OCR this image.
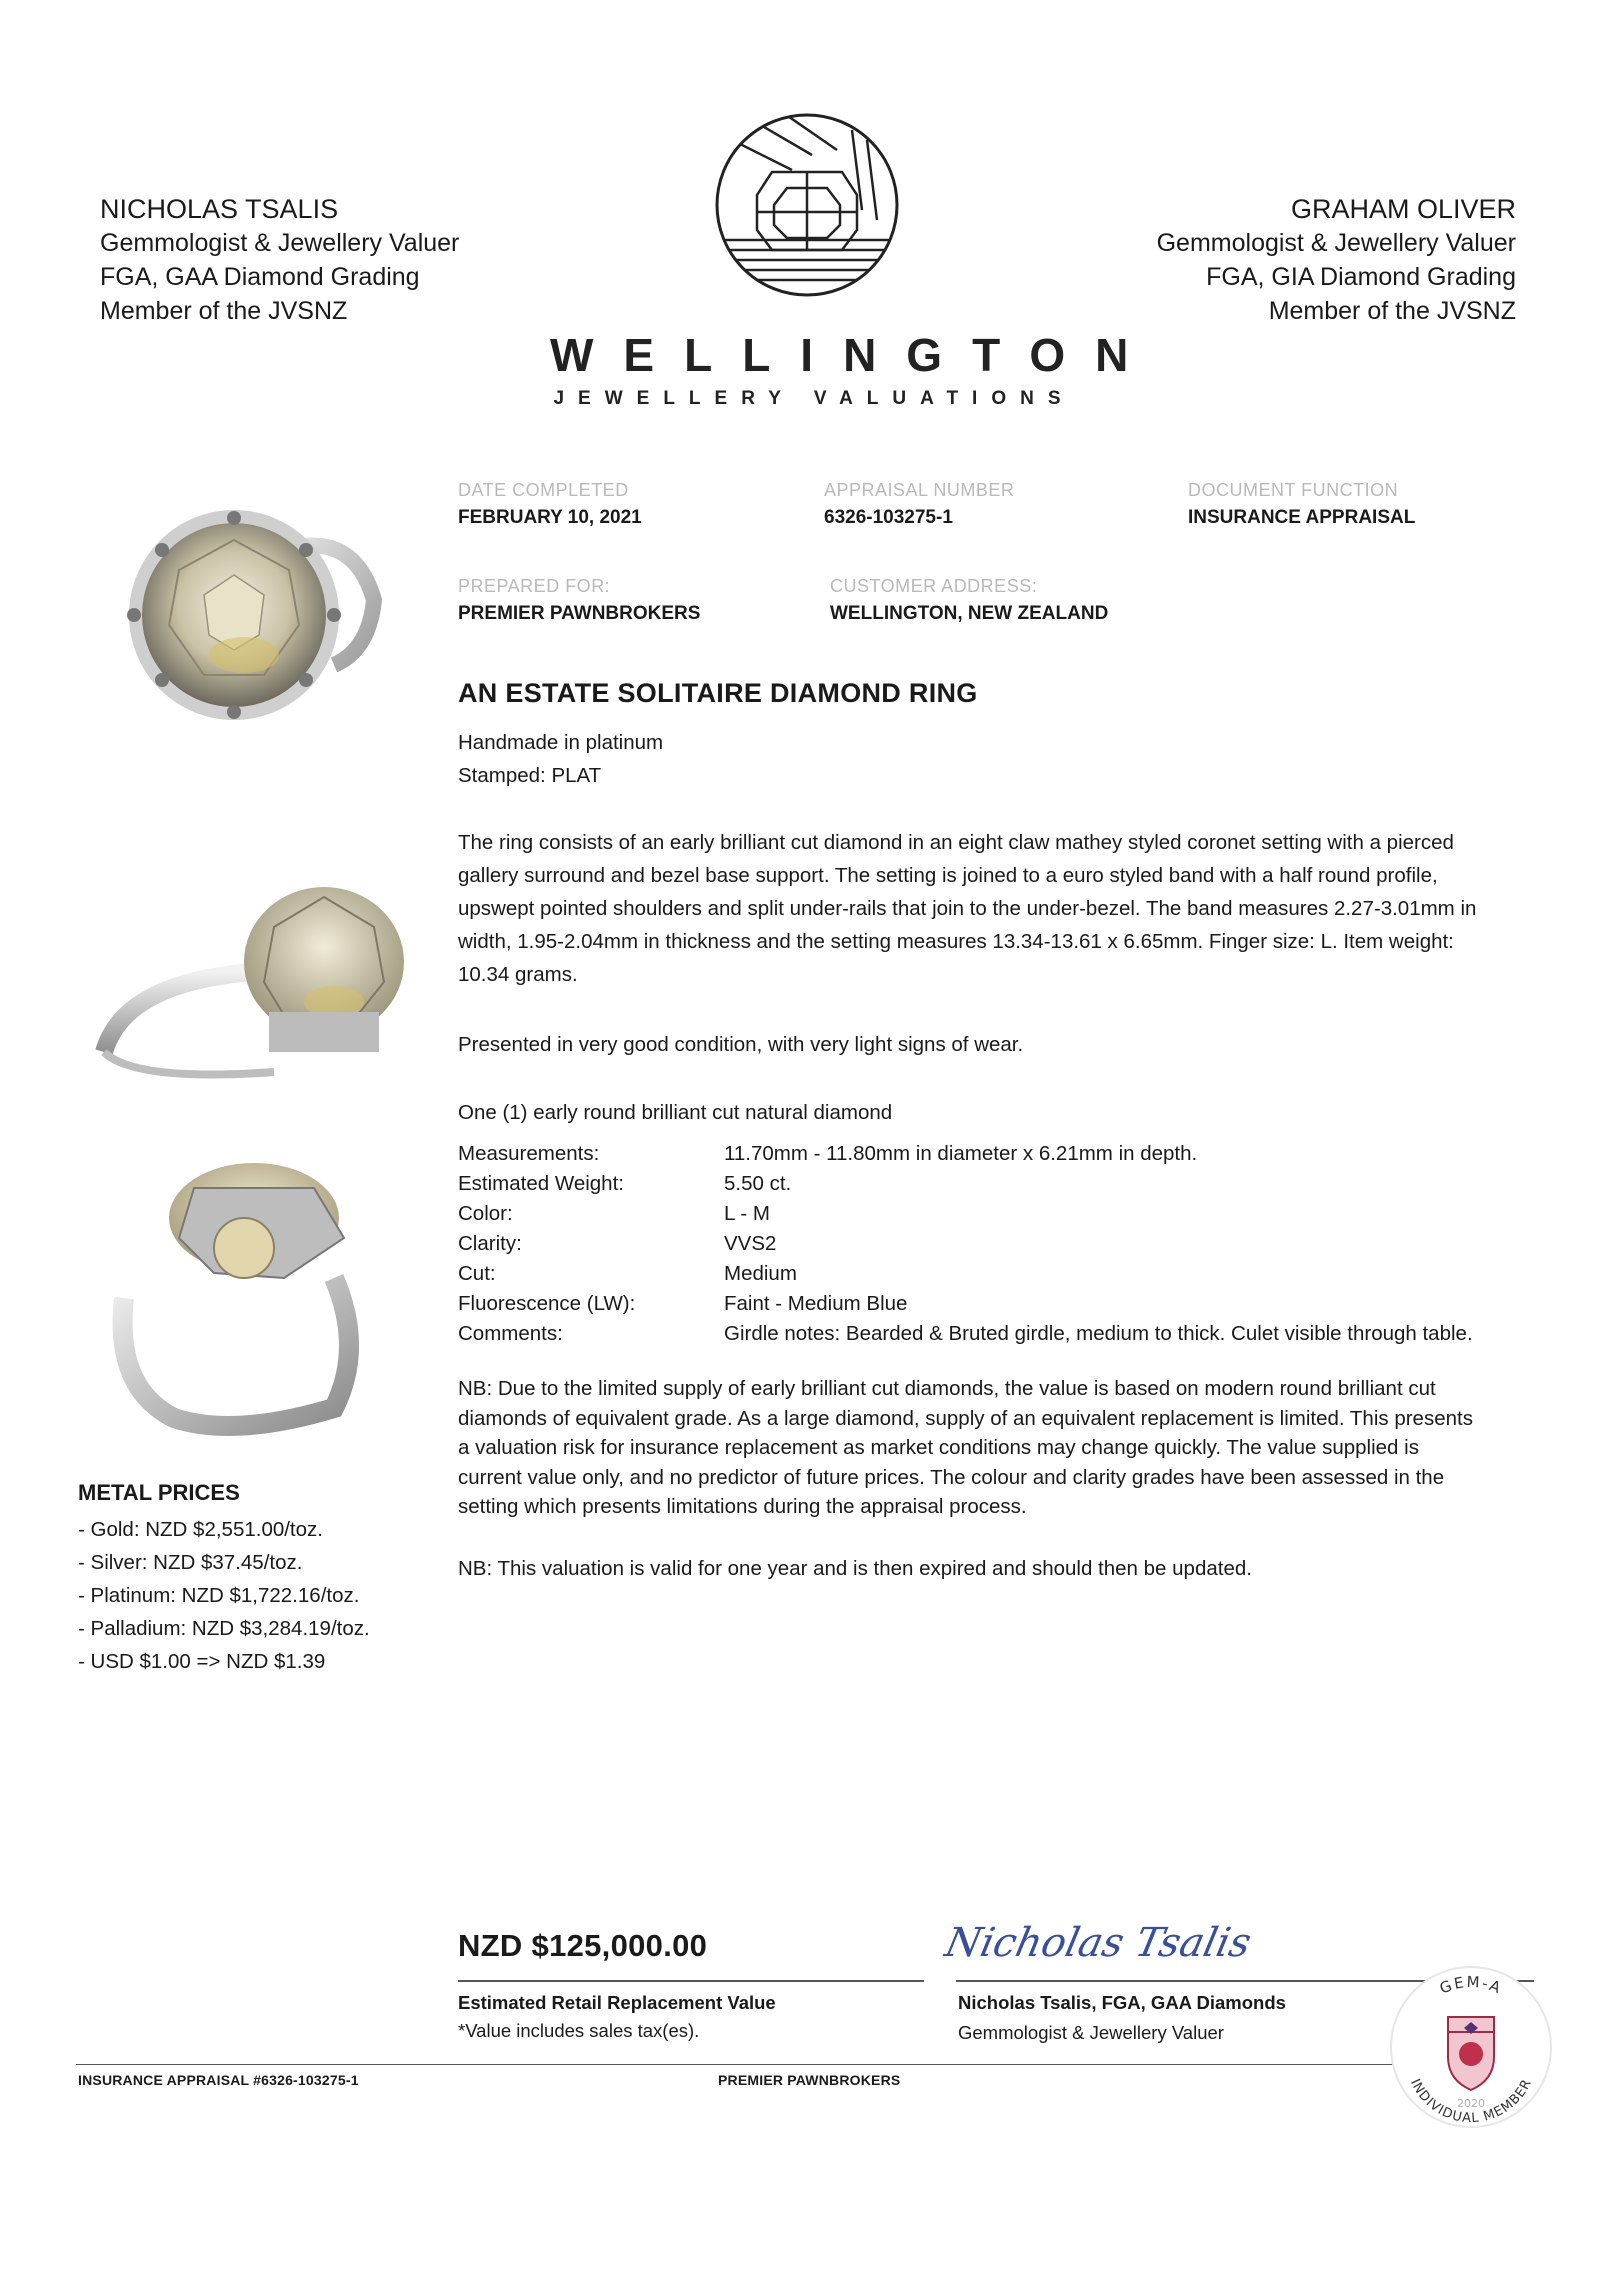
NICHOLAS TSALIS
Gemmologist & Jewellery Valuer
FGA, GAA Diamond Grading
Member of the JVSNZ
GRAHAM OLIVER
Gemmologist & Jewellery Valuer
FGA, GIA Diamond Grading
Member of the JVSNZ
WELLINGTON
JEWELLERY VALUATIONS
DATE COMPLETED
FEBRUARY 10, 2021
APPRAISAL NUMBER
6326-103275-1
DOCUMENT FUNCTION
INSURANCE APPRAISAL
PREPARED FOR:
PREMIER PAWNBROKERS
CUSTOMER ADDRESS:
WELLINGTON, NEW ZEALAND
AN ESTATE SOLITAIRE DIAMOND RING
Handmade in platinum
Stamped: PLAT
The ring consists of an early brilliant cut diamond in an eight claw mathey styled coronet setting with a pierced
gallery surround and bezel base support. The setting is joined to a euro styled band with a half round profile,
upswept pointed shoulders and split under-rails that join to the under-bezel. The band measures 2.27-3.01mm in
width, 1.95-2.04mm in thickness and the setting measures 13.34-13.61 x 6.65mm. Finger size: L. Item weight:
10.34 grams.
Presented in very good condition, with very light signs of wear.
One (1) early round brilliant cut natural diamond
Measurements:	11.70mm - 11.80mm in diameter x 6.21mm in depth.
Estimated Weight:	5.50 ct.
Color:	L - M
Clarity:	VVS2
Cut:	Medium
Fluorescence (LW):	Faint - Medium Blue
Comments:	Girdle notes: Bearded & Bruted girdle, medium to thick. Culet visible through table.
NB: Due to the limited supply of early brilliant cut diamonds, the value is based on modern round brilliant cut
diamonds of equivalent grade. As a large diamond, supply of an equivalent replacement is limited. This presents
a valuation risk for insurance replacement as market conditions may change quickly. The value supplied is
current value only, and no predictor of future prices. The colour and clarity grades have been assessed in the
setting which presents limitations during the appraisal process.
NB: This valuation is valid for one year and is then expired and should then be updated.
METAL PRICES
- Gold: NZD $2,551.00/toz.
- Silver: NZD $37.45/toz.
- Platinum: NZD $1,722.16/toz.
- Palladium: NZD $3,284.19/toz.
- USD $1.00 => NZD $1.39
NZD $125,000.00
Estimated Retail Replacement Value
*Value includes sales tax(es).
Nicholas Tsalis
Nicholas Tsalis, FGA, GAA Diamonds
Gemmologist & Jewellery Valuer
INSURANCE APPRAISAL #6326-103275-1	PREMIER PAWNBROKERS
GEM-A
2020
INDIVIDUAL MEMBER
